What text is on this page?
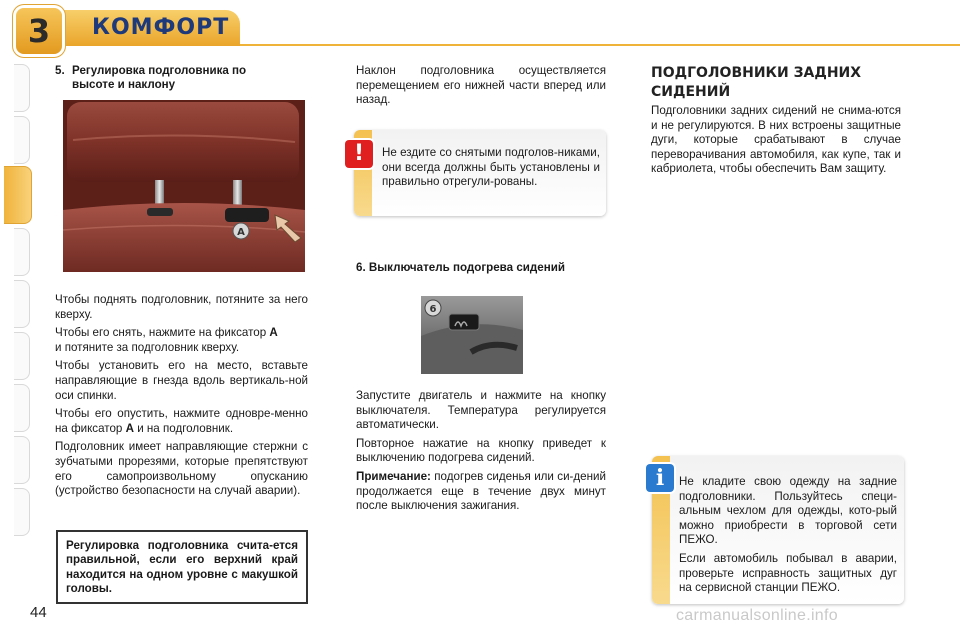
3	КОМФОРТ
5. Регулировка подголовника по
высоте и наклону
A

Чтобы поднять подголовник, потяните за него кверху.

Чтобы его снять, нажмите на фиксатор A

и потяните за подголовник кверху.

Чтобы установить его на место, вставьте направляющие в гнезда вдоль вертикаль-ной оси спинки.

Чтобы его опустить, нажмите одновре-менно на фиксатор A и на подголовник.

Подголовник имеет направляющие стержни с зубчатыми прорезями, которые препятствуют его самопроизвольному опусканию (устройство безопасности на случай аварии).

Регулировка подголовника счита-ется правильной, если его верхний край находится на одном уровне с макушкой головы.
Наклон подголовника осуществляется перемещением его нижней части вперед или назад.
!	Не ездите со снятыми подголов-никами, они всегда должны быть установлены и правильно отрегули-рованы.
6. Выключатель подогрева сидений
6

Запустите двигатель и нажмите на кнопку выключателя. Температура регулируется автоматически.

Повторное нажатие на кнопку приведет к выключению подогрева сидений.

Примечание: подогрев сиденья или си-дений продолжается еще в течение двух минут после выключения зажигания.

ПОДГОЛОВНИКИ ЗАДНИХ СИДЕНИЙ
Подголовники задних сидений не снима-ются и не регулируются. В них встроены защитные дуги, которые срабатывают в случае переворачивания автомобиля, как купе, так и кабриолета, чтобы обеспечить Вам защиту.
i	Не кладите свою одежду на задние подголовники. Пользуйтесь специ-альным чехлом для одежды, кото-рый можно приобрести в торговой сети ПЕЖО.

Если автомобиль побывал в аварии, проверьте исправность защитных дуг на сервисной станции ПЕЖО.

44	carmanualsonline.info
